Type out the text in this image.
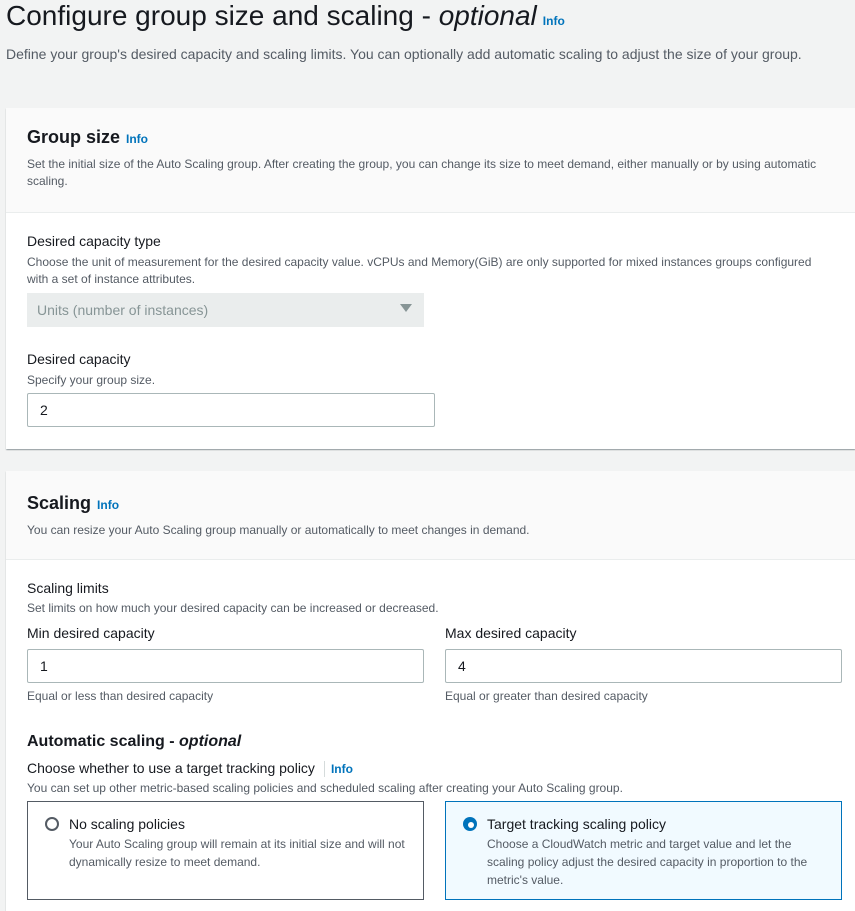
Configure group size and scaling - optional Info
Define your group's desired capacity and scaling limits. You can optionally add automatic scaling to adjust the size of your group.
Group size Info
Set the initial size of the Auto Scaling group. After creating the group, you can change its size to meet demand, either manually or by using automatic scaling.
Desired capacity type
Choose the unit of measurement for the desired capacity value. vCPUs and Memory(GiB) are only supported for mixed instances groups configured with a set of instance attributes.
Units (number of instances)
Desired capacity
Specify your group size.
2
Scaling Info
You can resize your Auto Scaling group manually or automatically to meet changes in demand.
Scaling limits
Set limits on how much your desired capacity can be increased or decreased.
Min desired capacity
1
Equal or less than desired capacity
Max desired capacity
4
Equal or greater than desired capacity
Automatic scaling - optional
Choose whether to use a target tracking policy Info
You can set up other metric-based scaling policies and scheduled scaling after creating your Auto Scaling group.
No scaling policies
Your Auto Scaling group will remain at its initial size and will not dynamically resize to meet demand.
Target tracking scaling policy
Choose a CloudWatch metric and target value and let the scaling policy adjust the desired capacity in proportion to the metric's value.
